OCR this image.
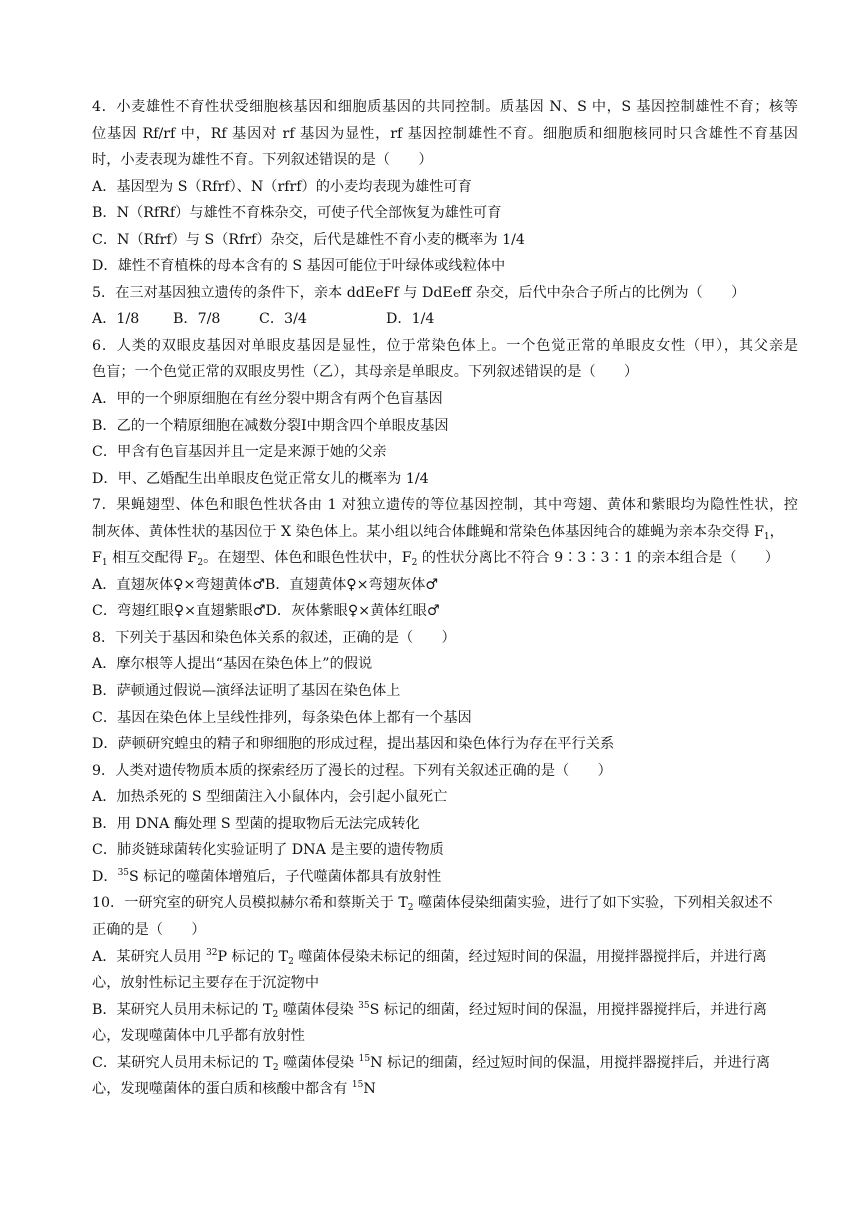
4．小麦雄性不育性状受细胞核基因和细胞质基因的共同控制。质基因 N、S 中，S 基因控制雄性不育；核等
位基因 Rf/rf 中，Rf 基因对 rf 基因为显性，rf 基因控制雄性不育。细胞质和细胞核同时只含雄性不育基因
时，小麦表现为雄性不育。下列叙述错误的是（　　）
A．基因型为 S（Rfrf）、N（rfrf）的小麦均表现为雄性可育
B．N（RfRf）与雄性不育株杂交，可使子代全部恢复为雄性可育
C．N（Rfrf）与 S（Rfrf）杂交，后代是雄性不育小麦的概率为 1/4
D．雄性不育植株的母本含有的 S 基因可能位于叶绿体或线粒体中
5．在三对基因独立遗传的条件下，亲本 ddEeFf 与 DdEeff 杂交，后代中杂合子所占的比例为（　　）
A．1/8 B．7/8	C．3/4	D．1/4
6．人类的双眼皮基因对单眼皮基因是显性，位于常染色体上。一个色觉正常的单眼皮女性（甲），其父亲是
色盲；一个色觉正常的双眼皮男性（乙），其母亲是单眼皮。下列叙述错误的是（　　）
A．甲的一个卵原细胞在有丝分裂中期含有两个色盲基因
B．乙的一个精原细胞在减数分裂Ⅰ中期含四个单眼皮基因
C．甲含有色盲基因并且一定是来源于她的父亲
D．甲、乙婚配生出单眼皮色觉正常女儿的概率为 1/4
7．果蝇翅型、体色和眼色性状各由 1 对独立遗传的等位基因控制，其中弯翅、黄体和紫眼均为隐性性状，控
制灰体、黄体性状的基因位于 X 染色体上。某小组以纯合体雌蝇和常染色体基因纯合的雄蝇为亲本杂交得 $F_1$，
$F_1$ 相互交配得 $F_2$。在翅型、体色和眼色性状中，$F_2$ 的性状分离比不符合 9∶3∶3∶1 的亲本组合是（　　）
A．直翅灰体♀×弯翅黄体♂B．直翅黄体♀×弯翅灰体♂
C．弯翅红眼♀×直翅紫眼♂D．灰体紫眼♀×黄体红眼♂
8．下列关于基因和染色体关系的叙述，正确的是（　　）
A．摩尔根等人提出“基因在染色体上”的假说
B．萨顿通过假说—演绎法证明了基因在染色体上
C．基因在染色体上呈线性排列，每条染色体上都有一个基因
D．萨顿研究蝗虫的精子和卵细胞的形成过程，提出基因和染色体行为存在平行关系
9．人类对遗传物质本质的探索经历了漫长的过程。下列有关叙述正确的是（　　）
A．加热杀死的 S 型细菌注入小鼠体内，会引起小鼠死亡
B．用 DNA 酶处理 S 型菌的提取物后无法完成转化
C．肺炎链球菌转化实验证明了 DNA 是主要的遗传物质
D．$^{35}$S 标记的噬菌体增殖后，子代噬菌体都具有放射性
10．一研究室的研究人员模拟赫尔希和蔡斯关于 $T_2$ 噬菌体侵染细菌实验，进行了如下实验，下列相关叙述不
正确的是（　　）
A．某研究人员用 $^{32}$P 标记的 $T_2$ 噬菌体侵染未标记的细菌，经过短时间的保温，用搅拌器搅拌后，并进行离
心，放射性标记主要存在于沉淀物中
B．某研究人员用未标记的 $T_2$ 噬菌体侵染 $^{35}$S 标记的细菌，经过短时间的保温，用搅拌器搅拌后，并进行离
心，发现噬菌体中几乎都有放射性
C．某研究人员用未标记的 $T_2$ 噬菌体侵染 $^{15}$N 标记的细菌，经过短时间的保温，用搅拌器搅拌后，并进行离
心，发现噬菌体的蛋白质和核酸中都含有 $^{15}$N
